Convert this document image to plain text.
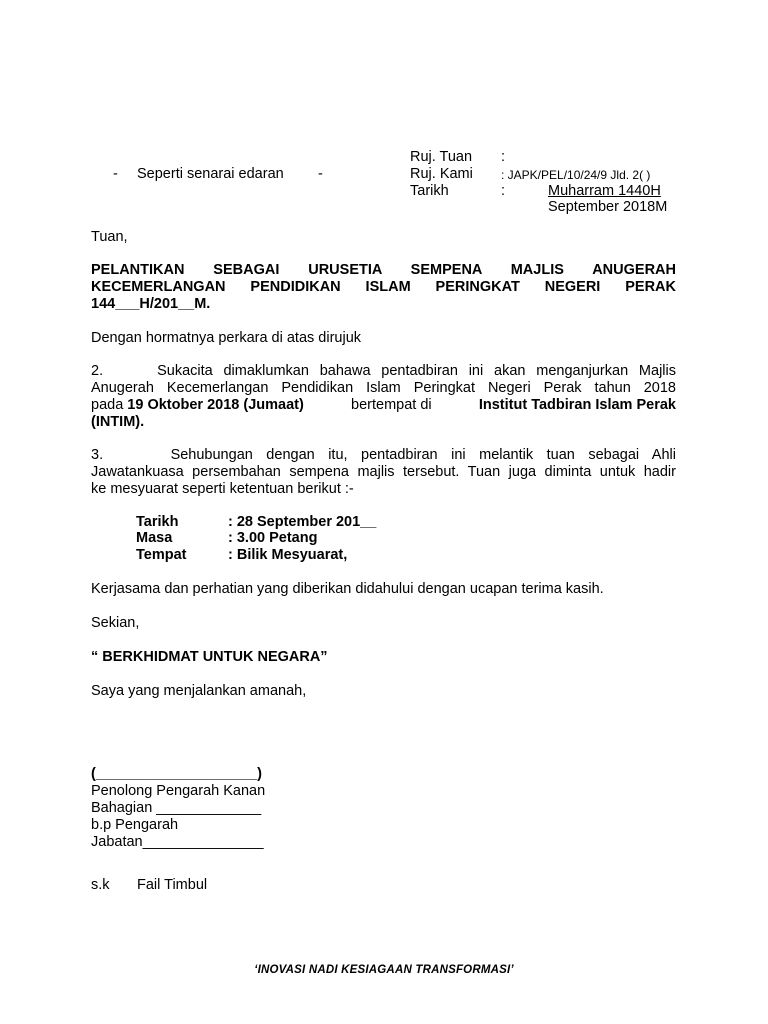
- Seperti senarai edaran -
Ruj. Tuan :
Ruj. Kami : JAPK/PEL/10/24/9 Jld. 2( )
Tarikh	:	Muharram 1440H
September 2018M
Tuan,
PELANTIKAN SEBAGAI URUSETIA SEMPENA MAJLIS ANUGERAH
KECEMERLANGAN PENDIDIKAN ISLAM PERINGKAT NEGERI PERAK
144___H/201__M.
Dengan hormatnya perkara di atas dirujuk
2.     Sukacita dimaklumkan bahawa pentadbiran ini akan menganjurkan Majlis
Anugerah Kecemerlangan Pendidikan Islam Peringkat Negeri Perak tahun 2018
pada 19 Oktober 2018 (Jumaat)	bertempat di	Institut Tadbiran Islam Perak
(INTIM).
3.     Sehubungan dengan itu, pentadbiran ini melantik tuan sebagai Ahli
Jawatankuasa persembahan sempena majlis tersebut. Tuan juga diminta untuk hadir
ke mesyuarat seperti ketentuan berikut :-
Tarikh	: 28 September 201__
Masa	: 3.00 Petang
Tempat	: Bilik Mesyuarat,
Kerjasama dan perhatian yang diberikan didahului dengan ucapan terima kasih.
Sekian,
“ BERKHIDMAT UNTUK NEGARA”
Saya yang menjalankan amanah,
(____________________)
Penolong Pengarah Kanan
Bahagian _____________
b.p Pengarah
Jabatan_______________
s.k Fail Timbul
‘INOVASI NADI KESIAGAAN TRANSFORMASI’
